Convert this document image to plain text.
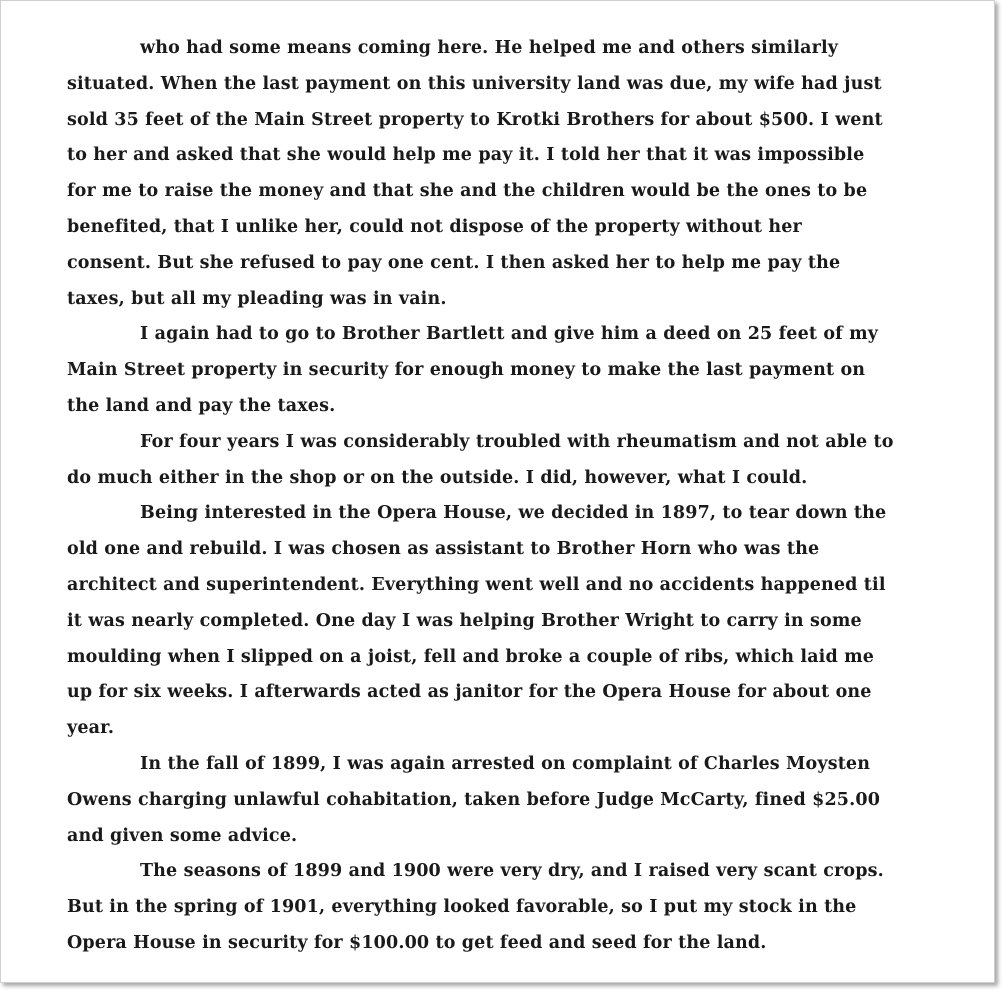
who had some means coming here. He helped me and others similarly
situated. When the last payment on this university land was due, my wife had just
sold 35 feet of the Main Street property to Krotki Brothers for about $500. I went
to her and asked that she would help me pay it. I told her that it was impossible
for me to raise the money and that she and the children would be the ones to be
benefited, that I unlike her, could not dispose of the property without her
consent. But she refused to pay one cent. I then asked her to help me pay the
taxes, but all my pleading was in vain.
I again had to go to Brother Bartlett and give him a deed on 25 feet of my
Main Street property in security for enough money to make the last payment on
the land and pay the taxes.
For four years I was considerably troubled with rheumatism and not able to
do much either in the shop or on the outside. I did, however, what I could.
Being interested in the Opera House, we decided in 1897, to tear down the
old one and rebuild. I was chosen as assistant to Brother Horn who was the
architect and superintendent. Everything went well and no accidents happened til
it was nearly completed. One day I was helping Brother Wright to carry in some
moulding when I slipped on a joist, fell and broke a couple of ribs, which laid me
up for six weeks. I afterwards acted as janitor for the Opera House for about one
year.
In the fall of 1899, I was again arrested on complaint of Charles Moysten
Owens charging unlawful cohabitation, taken before Judge McCarty, fined $25.00
and given some advice.
The seasons of 1899 and 1900 were very dry, and I raised very scant crops.
But in the spring of 1901, everything looked favorable, so I put my stock in the
Opera House in security for $100.00 to get feed and seed for the land.
